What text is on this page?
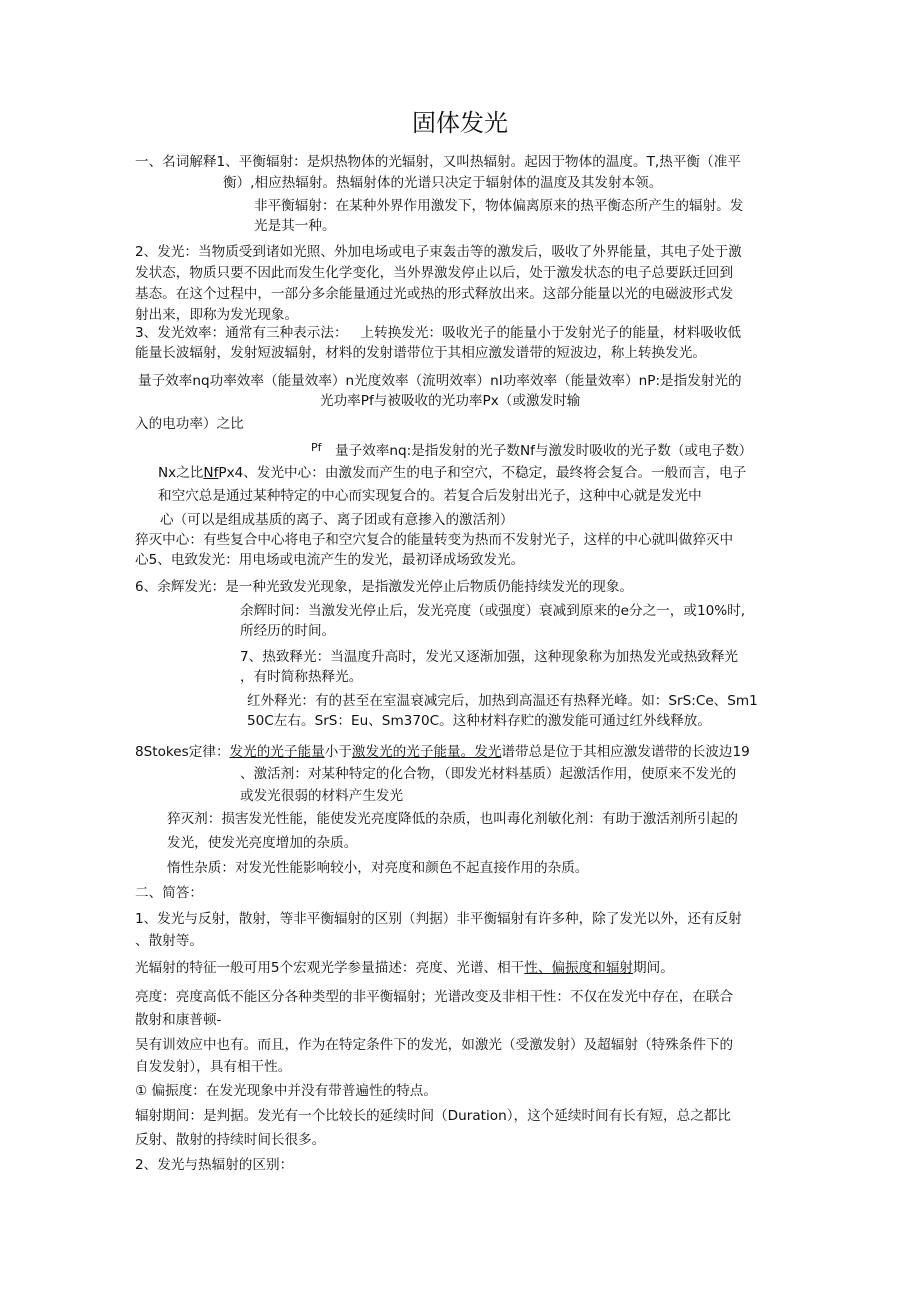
固体发光
一、名词解释1、平衡辐射：是炽热物体的光辐射，又叫热辐射。起因于物体的温度。T,热平衡（准平
衡）,相应热辐射。热辐射体的光谱只决定于辐射体的温度及其发射本领。
非平衡辐射：在某种外界作用激发下，物体偏离原来的热平衡态所产生的辐射。发
光是其一种。
2、发光：当物质受到诸如光照、外加电场或电子束轰击等的激发后，吸收了外界能量，其电子处于激
发状态，物质只要不因此而发生化学变化，当外界激发停止以后，处于激发状态的电子总要跃迁回到
基态。在这个过程中，一部分多余能量通过光或热的形式释放出来。这部分能量以光的电磁波形式发
射出来，即称为发光现象。
3、发光效率：通常有三种表示法：   上转换发光：吸收光子的能量小于发射光子的能量，材料吸收低
能量长波辐射，发射短波辐射，材料的发射谱带位于其相应激发谱带的短波边，称上转换发光。
量子效率nq功率效率（能量效率）n光度效率（流明效率）nI功率效率（能量效率）nP:是指发射光的
光功率Pf与被吸收的光功率Px（或激发时输
入的电功率）之比
Pf 量子效率nq:是指发射的光子数Nf与激发时吸收的光子数（或电子数）
Nx之比NfPx4、发光中心：由激发而产生的电子和空穴，不稳定，最终将会复合。一般而言，电子
和空穴总是通过某种特定的中心而实现复合的。若复合后发射出光子，这种中心就是发光中
心（可以是组成基质的离子、离子团或有意掺入的激活剂）
猝灭中心：有些复合中心将电子和空穴复合的能量转变为热而不发射光子，这样的中心就叫做猝灭中
心5、电致发光：用电场或电流产生的发光，最初译成场致发光。
6、余辉发光：是一种光致发光现象，是指激发光停止后物质仍能持续发光的现象。
余辉时间：当激发光停止后，发光亮度（或强度）衰减到原来的e分之一，或10%时,
所经历的时间。
7、热致释光：当温度升高时，发光又逐渐加强，这种现象称为加热发光或热致释光
，有时简称热释光。
红外释光：有的甚至在室温衰减完后，加热到高温还有热释光峰。如：SrS:Ce、Sm1
50C左右。SrS：Eu、Sm370C。这种材料存贮的激发能可通过红外线释放。
8Stokes定律：发光的光子能量小于激发光的光子能量。发光谱带总是位于其相应激发谱带的长波边19
、激活剂：对某种特定的化合物，（即发光材料基质）起激活作用，使原来不发光的
或发光很弱的材料产生发光
猝灭剂：损害发光性能，能使发光亮度降低的杂质，也叫毒化剂敏化剂：有助于激活剂所引起的
发光，使发光亮度增加的杂质。
惰性杂质：对发光性能影响较小，对亮度和颜色不起直接作用的杂质。
二、简答：
1、发光与反射，散射，等非平衡辐射的区别（判据）非平衡辐射有许多种，除了发光以外，还有反射
、散射等。
光辐射的特征一般可用5个宏观光学参量描述：亮度、光谱、相干性、偏振度和辐射期间。
亮度：亮度高低不能区分各种类型的非平衡辐射；光谱改变及非相干性：不仅在发光中存在，在联合
散射和康普顿-
吴有训效应中也有。而且，作为在特定条件下的发光，如激光（受激发射）及超辐射（特殊条件下的
自发发射），具有相干性。
① 偏振度：在发光现象中并没有带普遍性的特点。
辐射期间：是判据。发光有一个比较长的延续时间（Duration），这个延续时间有长有短，总之都比
反射、散射的持续时间长很多。
2、发光与热辐射的区别：
